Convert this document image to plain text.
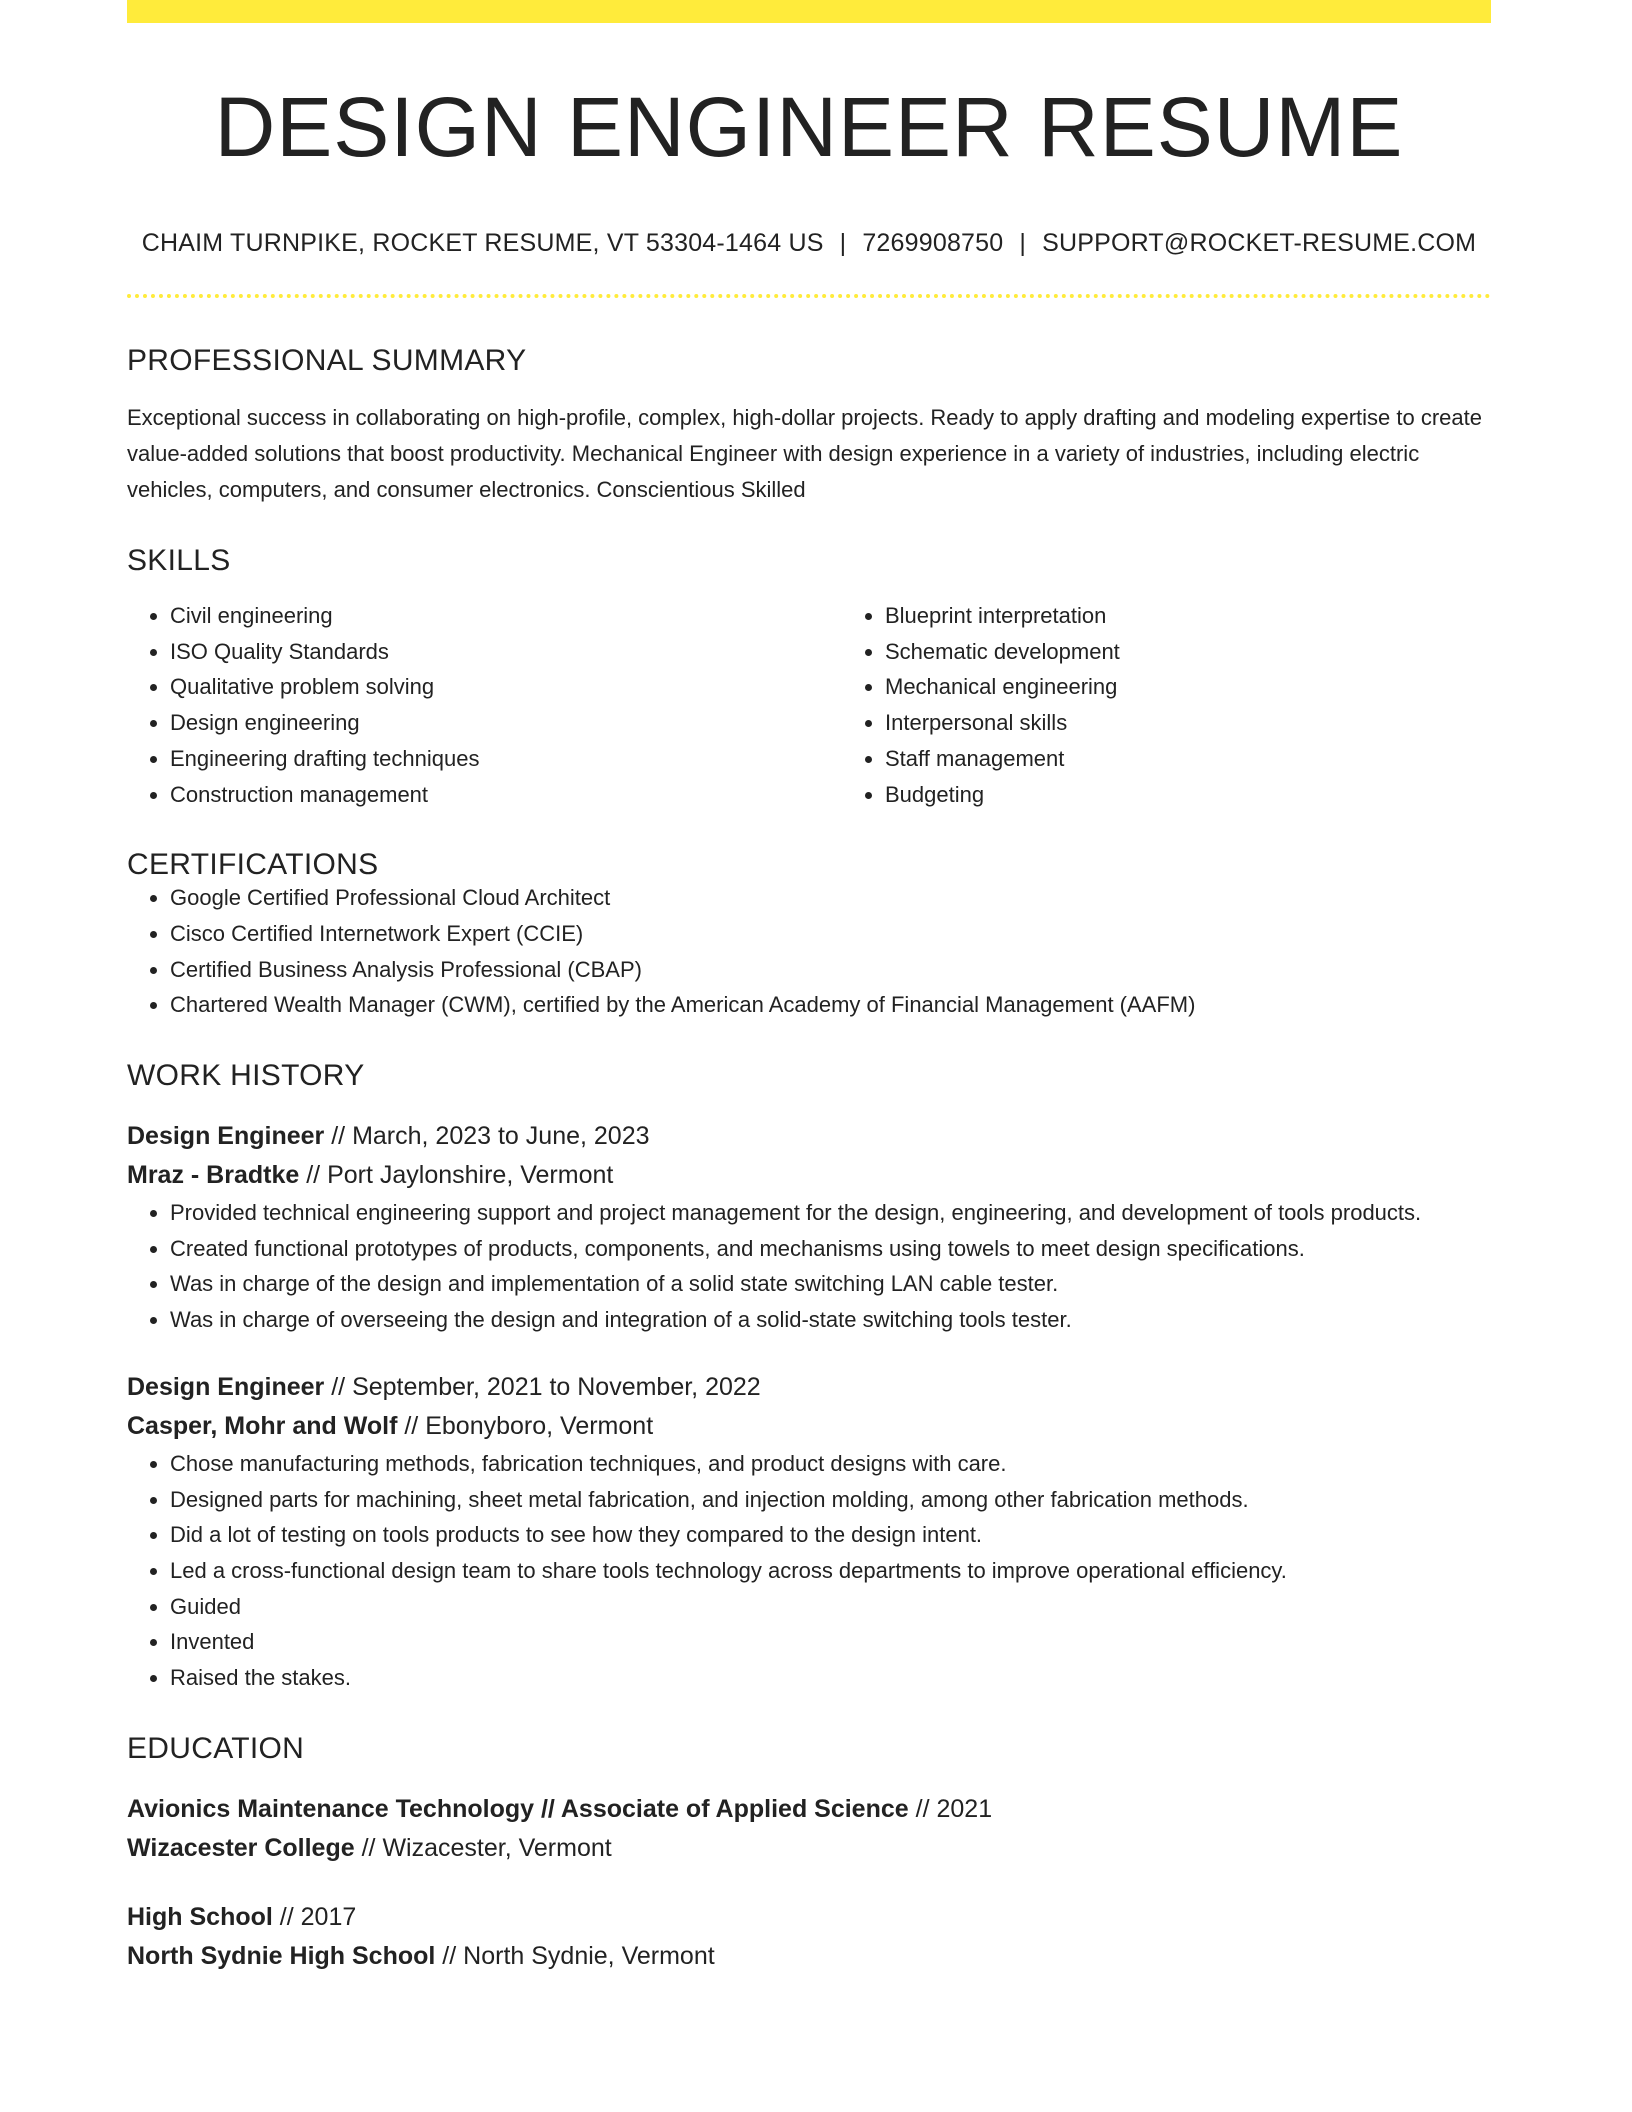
DESIGN ENGINEER RESUME
CHAIM TURNPIKE, ROCKET RESUME, VT 53304-1464 US | 7269908750 | SUPPORT@ROCKET-RESUME.COM
PROFESSIONAL SUMMARY

Exceptional success in collaborating on high-profile, complex, high-dollar projects. Ready to apply drafting and modeling expertise to create value-added solutions that boost productivity. Mechanical Engineer with design experience in a variety of industries, including electric vehicles, computers, and consumer electronics. Conscientious Skilled

SKILLS
• Civil engineering
• ISO Quality Standards
• Qualitative problem solving
• Design engineering
• Engineering drafting techniques
• Construction management
• Blueprint interpretation
• Schematic development
• Mechanical engineering
• Interpersonal skills
• Staff management
• Budgeting
CERTIFICATIONS
• Google Certified Professional Cloud Architect
• Cisco Certified Internetwork Expert (CCIE)
• Certified Business Analysis Professional (CBAP)
• Chartered Wealth Manager (CWM), certified by the American Academy of Financial Management (AAFM)
WORK HISTORY

Design Engineer // March, 2023 to June, 2023

Mraz - Bradtke // Port Jaylonshire, Vermont

• Provided technical engineering support and project management for the design, engineering, and development of tools products.
• Created functional prototypes of products, components, and mechanisms using towels to meet design specifications.
• Was in charge of the design and implementation of a solid state switching LAN cable tester.
• Was in charge of overseeing the design and integration of a solid-state switching tools tester.

Design Engineer // September, 2021 to November, 2022

Casper, Mohr and Wolf // Ebonyboro, Vermont

• Chose manufacturing methods, fabrication techniques, and product designs with care.
• Designed parts for machining, sheet metal fabrication, and injection molding, among other fabrication methods.
• Did a lot of testing on tools products to see how they compared to the design intent.
• Led a cross-functional design team to share tools technology across departments to improve operational efficiency.
• Guided
• Invented
• Raised the stakes.
EDUCATION

Avionics Maintenance Technology // Associate of Applied Science // 2021

Wizacester College // Wizacester, Vermont

High School // 2017

North Sydnie High School // North Sydnie, Vermont
